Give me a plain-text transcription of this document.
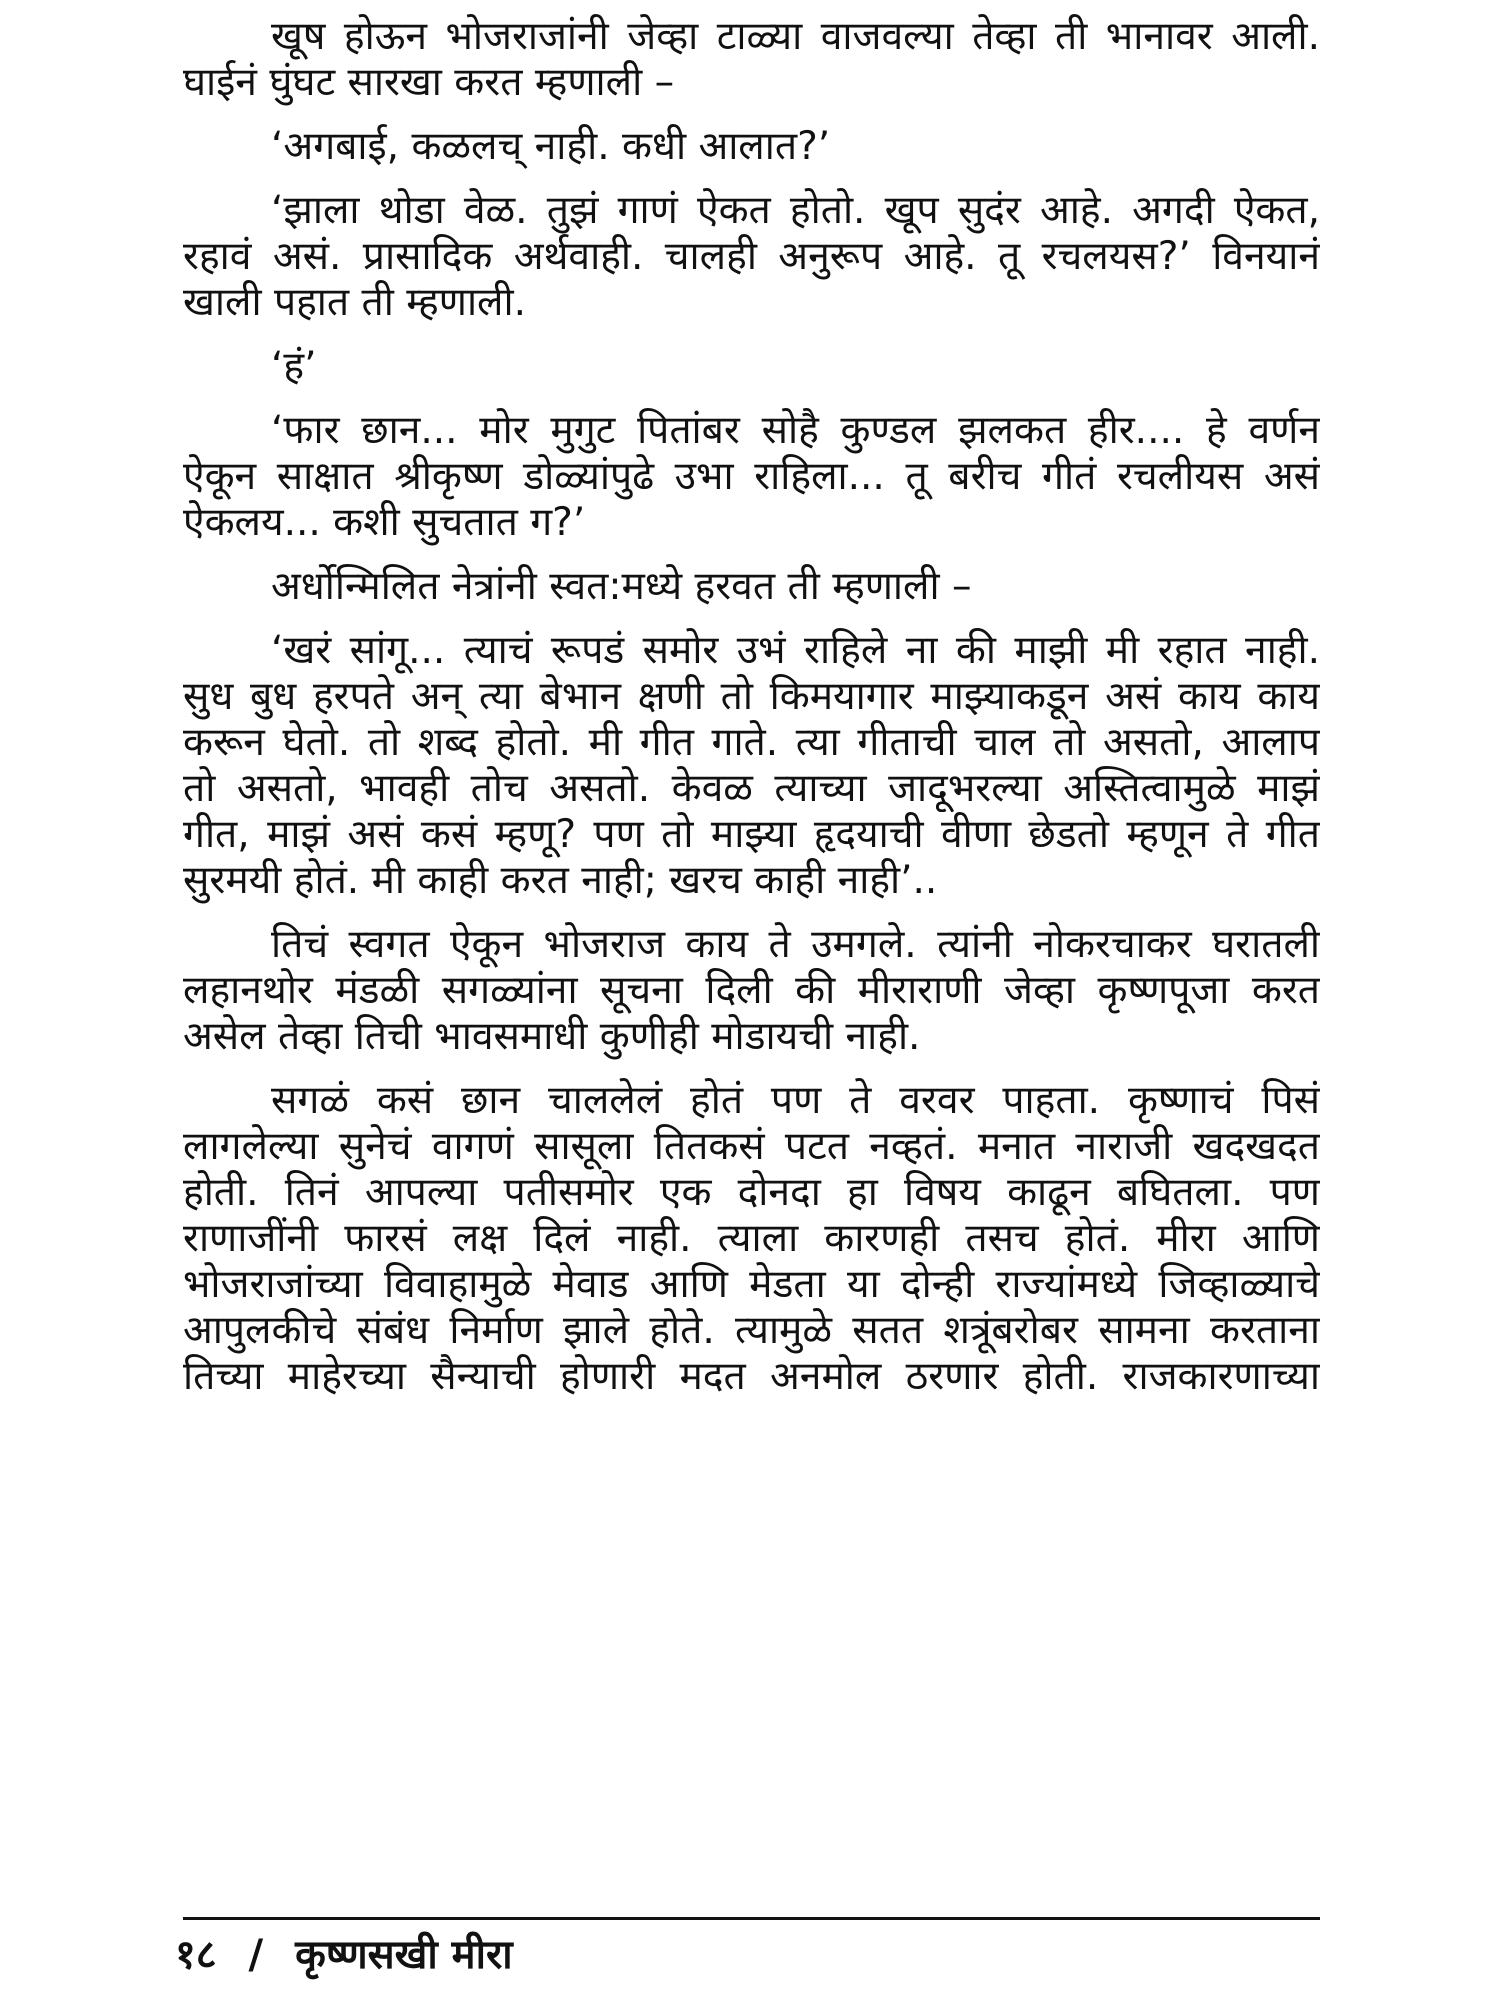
खूष होऊन भोजराजांनी जेव्हा टाळ्या वाजवल्या तेव्हा ती भानावर आली.
घाईनं घुंघट सारखा करत म्हणाली –
‘अगबाई, कळलच् नाही. कधी आलात?’
‘झाला थोडा वेळ. तुझं गाणं ऐकत होतो. खूप सुदंर आहे. अगदी ऐकत,
रहावं असं. प्रासादिक अर्थवाही. चालही अनुरूप आहे. तू रचलयस?’ विनयानं
खाली पहात ती म्हणाली.
‘हं’
‘फार छान... मोर मुगुट पितांबर सोहै कुण्डल झलकत हीर.... हे वर्णन
ऐकून साक्षात श्रीकृष्ण डोळ्यांपुढे उभा राहिला... तू बरीच गीतं रचलीयस असं
ऐकलय... कशी सुचतात ग?’
अर्धोन्मिलित नेत्रांनी स्वत:मध्ये हरवत ती म्हणाली –
‘खरं सांगू... त्याचं रूपडं समोर उभं राहिले ना की माझी मी रहात नाही.
सुध बुध हरपते अन् त्या बेभान क्षणी तो किमयागार माझ्याकडून असं काय काय
करून घेतो. तो शब्द होतो. मी गीत गाते. त्या गीताची चाल तो असतो, आलाप
तो असतो, भावही तोच असतो. केवळ त्याच्या जादूभरल्या अस्तित्वामुळे माझं
गीत, माझं असं कसं म्हणू? पण तो माझ्या हृदयाची वीणा छेडतो म्हणून ते गीत
सुरमयी होतं. मी काही करत नाही; खरच काही नाही’..
तिचं स्वगत ऐकून भोजराज काय ते उमगले. त्यांनी नोकरचाकर घरातली
लहानथोर मंडळी सगळ्यांना सूचना दिली की मीराराणी जेव्हा कृष्णपूजा करत
असेल तेव्हा तिची भावसमाधी कुणीही मोडायची नाही.
सगळं कसं छान चाललेलं होतं पण ते वरवर पाहता. कृष्णाचं पिसं
लागलेल्या सुनेचं वागणं सासूला तितकसं पटत नव्हतं. मनात नाराजी खदखदत
होती. तिनं आपल्या पतीसमोर एक दोनदा हा विषय काढून बघितला. पण
राणाजींनी फारसं लक्ष दिलं नाही. त्याला कारणही तसच होतं. मीरा आणि
भोजराजांच्या विवाहामुळे मेवाड आणि मेडता या दोन्ही राज्यांमध्ये जिव्हाळ्याचे
आपुलकीचे संबंध निर्माण झाले होते. त्यामुळे सतत शत्रूंबरोबर सामना करताना
तिच्या माहेरच्या सैन्याची होणारी मदत अनमोल ठरणार होती. राजकारणाच्या
१८ / कृष्णसखी मीरा
